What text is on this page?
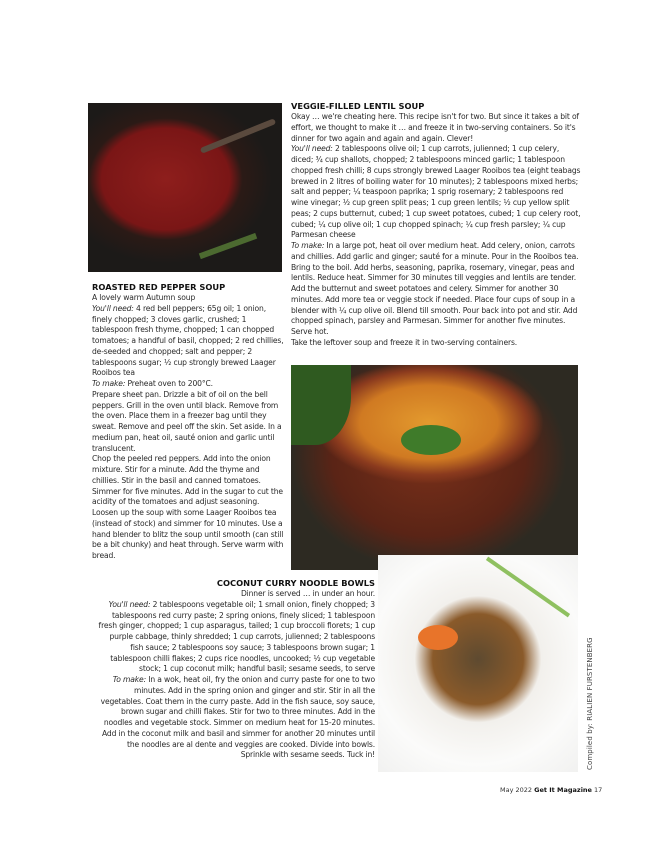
ROASTED RED PEPPER SOUP

A lovely warm Autumn soup

You'll need: 4 red bell peppers; 65g oil; 1 onion, finely chopped; 3 cloves garlic, crushed; 1 tablespoon fresh thyme, chopped; 1 can chopped tomatoes; a handful of basil, chopped; 2 red chillies, de-seeded and chopped; salt and pepper; 2 tablespoons sugar; ½ cup strongly brewed Laager Rooibos tea

To make: Preheat oven to 200°C.

Prepare sheet pan. Drizzle a bit of oil on the bell peppers. Grill in the oven until black. Remove from the oven. Place them in a freezer bag until they sweat. Remove and peel off the skin. Set aside. In a medium pan, heat oil, sauté onion and garlic until translucent.

Chop the peeled red peppers. Add into the onion mixture. Stir for a minute. Add the thyme and chillies. Stir in the basil and canned tomatoes. Simmer for five minutes. Add in the sugar to cut the acidity of the tomatoes and adjust seasoning. Loosen up the soup with some Laager Rooibos tea (instead of stock) and simmer for 10 minutes. Use a hand blender to blitz the soup until smooth (can still be a bit chunky) and heat through. Serve warm with bread.

VEGGIE-FILLED LENTIL SOUP

Okay … we're cheating here. This recipe isn't for two. But since it takes a bit of effort, we thought to make it … and freeze it in two-serving containers. So it's dinner for two again and again and again. Clever!

You'll need: 2 tablespoons olive oil; 1 cup carrots, julienned; 1 cup celery, diced; ¾ cup shallots, chopped; 2 tablespoons minced garlic; 1 tablespoon chopped fresh chilli; 8 cups strongly brewed Laager Rooibos tea (eight teabags brewed in 2 litres of boiling water for 10 minutes); 2 tablespoons mixed herbs; salt and pepper; ¼ teaspoon paprika; 1 sprig rosemary; 2 tablespoons red wine vinegar; ½ cup green split peas; 1 cup green lentils; ½ cup yellow split peas; 2 cups butternut, cubed; 1 cup sweet potatoes, cubed; 1 cup celery root, cubed; ¼ cup olive oil; 1 cup chopped spinach; ¼ cup fresh parsley; ¼ cup Parmesan cheese

To make: In a large pot, heat oil over medium heat. Add celery, onion, carrots and chillies. Add garlic and ginger; sauté for a minute. Pour in the Rooibos tea. Bring to the boil. Add herbs, seasoning, paprika, rosemary, vinegar, peas and lentils. Reduce heat. Simmer for 30 minutes till veggies and lentils are tender. Add the butternut and sweet potatoes and celery. Simmer for another 30 minutes. Add more tea or veggie stock if needed. Place four cups of soup in a blender with ¼ cup olive oil. Blend till smooth. Pour back into pot and stir. Add chopped spinach, parsley and Parmesan. Simmer for another five minutes. Serve hot.

Take the leftover soup and freeze it in two-serving containers.

COCONUT CURRY NOODLE BOWLS

Dinner is served … in under an hour.

You'll need: 2 tablespoons vegetable oil; 1 small onion, finely chopped; 3 tablespoons red curry paste; 2 spring onions, finely sliced; 1 tablespoon fresh ginger, chopped; 1 cup asparagus, tailed; 1 cup broccoli florets; 1 cup purple cabbage, thinly shredded; 1 cup carrots, julienned; 2 tablespoons fish sauce; 2 tablespoons soy sauce; 3 tablespoons brown sugar; 1 tablespoon chilli flakes; 2 cups rice noodles, uncooked; ½ cup vegetable stock; 1 cup coconut milk; handful basil; sesame seeds, to serve

To make: In a wok, heat oil, fry the onion and curry paste for one to two minutes. Add in the spring onion and ginger and stir. Stir in all the vegetables. Coat them in the curry paste. Add in the fish sauce, soy sauce, brown sugar and chilli flakes. Stir for two to three minutes. Add in the noodles and vegetable stock. Simmer on medium heat for 15-20 minutes. Add in the coconut milk and basil and simmer for another 20 minutes until the noodles are al dente and veggies are cooked. Divide into bowls. Sprinkle with sesame seeds. Tuck in!	Compiled by: RIALIEN FURSTENBERG
May 2022 Get It Magazine 17
